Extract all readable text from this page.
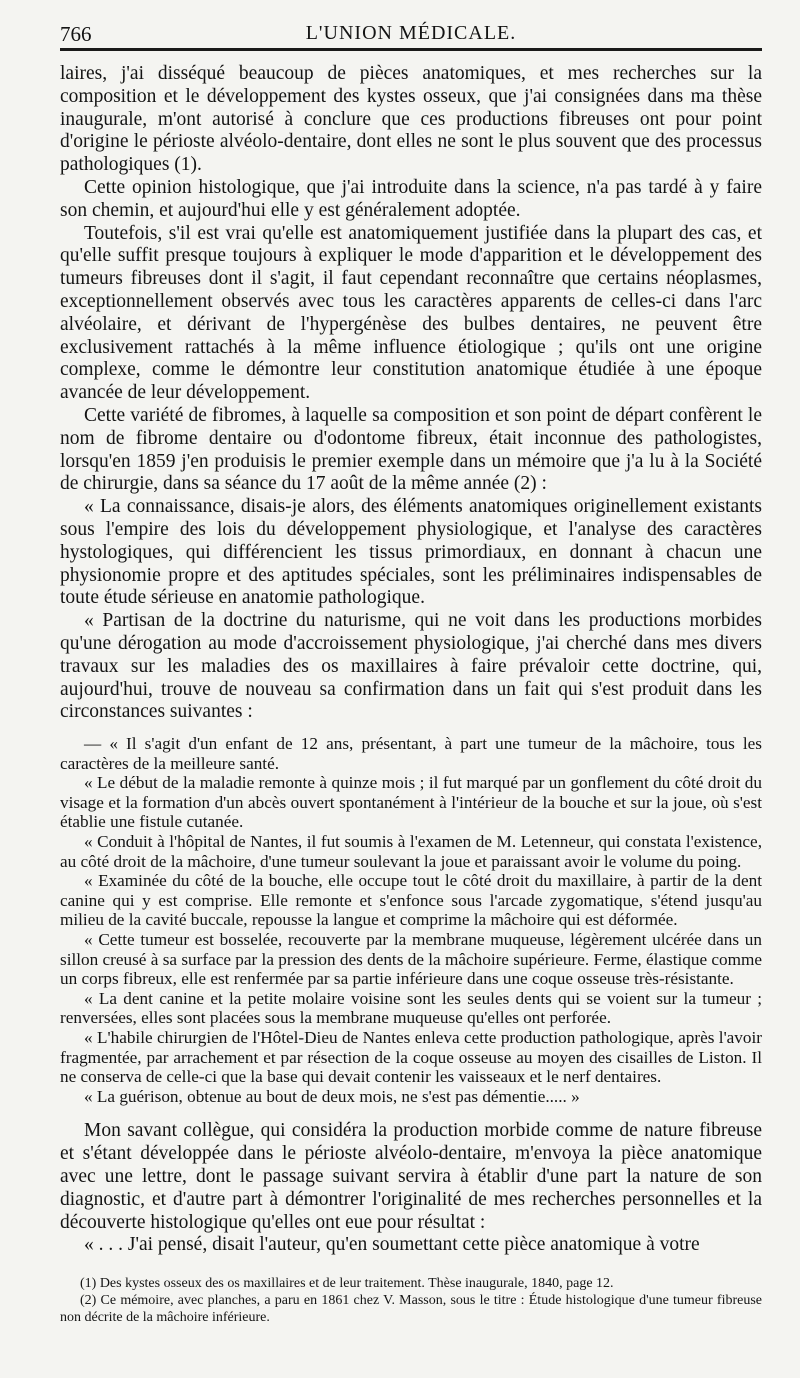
766	L'UNION MÉDICALE.

laires, j'ai disséqué beaucoup de pièces anatomiques, et mes recherches sur la composition et le développement des kystes osseux, que j'ai consignées dans ma thèse inaugurale, m'ont autorisé à conclure que ces productions fibreuses ont pour point d'origine le périoste alvéolo-dentaire, dont elles ne sont le plus souvent que des processus pathologiques (1).

Cette opinion histologique, que j'ai introduite dans la science, n'a pas tardé à y faire son chemin, et aujourd'hui elle y est généralement adoptée.

Toutefois, s'il est vrai qu'elle est anatomiquement justifiée dans la plupart des cas, et qu'elle suffit presque toujours à expliquer le mode d'apparition et le développement des tumeurs fibreuses dont il s'agit, il faut cependant reconnaître que certains néoplasmes, exceptionnellement observés avec tous les caractères apparents de celles-ci dans l'arc alvéolaire, et dérivant de l'hypergénèse des bulbes dentaires, ne peuvent être exclusivement rattachés à la même influence étiologique ; qu'ils ont une origine complexe, comme le démontre leur constitution anatomique étudiée à une époque avancée de leur développement.

Cette variété de fibromes, à laquelle sa composition et son point de départ confèrent le nom de fibrome dentaire ou d'odontome fibreux, était inconnue des pathologistes, lorsqu'en 1859 j'en produisis le premier exemple dans un mémoire que j'a lu à la Société de chirurgie, dans sa séance du 17 août de la même année (2) :

« La connaissance, disais-je alors, des éléments anatomiques originellement existants sous l'empire des lois du développement physiologique, et l'analyse des caractères hystologiques, qui différencient les tissus primordiaux, en donnant à chacun une physionomie propre et des aptitudes spéciales, sont les préliminaires indispensables de toute étude sérieuse en anatomie pathologique.

« Partisan de la doctrine du naturisme, qui ne voit dans les productions morbides qu'une dérogation au mode d'accroissement physiologique, j'ai cherché dans mes divers travaux sur les maladies des os maxillaires à faire prévaloir cette doctrine, qui, aujourd'hui, trouve de nouveau sa confirmation dans un fait qui s'est produit dans les circonstances suivantes :

— « Il s'agit d'un enfant de 12 ans, présentant, à part une tumeur de la mâchoire, tous les caractères de la meilleure santé.

« Le début de la maladie remonte à quinze mois ; il fut marqué par un gonflement du côté droit du visage et la formation d'un abcès ouvert spontanément à l'intérieur de la bouche et sur la joue, où s'est établie une fistule cutanée.

« Conduit à l'hôpital de Nantes, il fut soumis à l'examen de M. Letenneur, qui constata l'existence, au côté droit de la mâchoire, d'une tumeur soulevant la joue et paraissant avoir le volume du poing.

« Examinée du côté de la bouche, elle occupe tout le côté droit du maxillaire, à partir de la dent canine qui y est comprise. Elle remonte et s'enfonce sous l'arcade zygomatique, s'étend jusqu'au milieu de la cavité buccale, repousse la langue et comprime la mâchoire qui est déformée.

« Cette tumeur est bosselée, recouverte par la membrane muqueuse, légèrement ulcérée dans un sillon creusé à sa surface par la pression des dents de la mâchoire supérieure. Ferme, élastique comme un corps fibreux, elle est renfermée par sa partie inférieure dans une coque osseuse très-résistante.

« La dent canine et la petite molaire voisine sont les seules dents qui se voient sur la tumeur ; renversées, elles sont placées sous la membrane muqueuse qu'elles ont perforée.

« L'habile chirurgien de l'Hôtel-Dieu de Nantes enleva cette production pathologique, après l'avoir fragmentée, par arrachement et par résection de la coque osseuse au moyen des cisailles de Liston. Il ne conserva de celle-ci que la base qui devait contenir les vaisseaux et le nerf dentaires.

« La guérison, obtenue au bout de deux mois, ne s'est pas démentie..... »

Mon savant collègue, qui considéra la production morbide comme de nature fibreuse et s'étant développée dans le périoste alvéolo-dentaire, m'envoya la pièce anatomique avec une lettre, dont le passage suivant servira à établir d'une part la nature de son diagnostic, et d'autre part à démontrer l'originalité de mes recherches personnelles et la découverte histologique qu'elles ont eue pour résultat :

« . . . J'ai pensé, disait l'auteur, qu'en soumettant cette pièce anatomique à votre

(1) Des kystes osseux des os maxillaires et de leur traitement. Thèse inaugurale, 1840, page 12.

(2) Ce mémoire, avec planches, a paru en 1861 chez V. Masson, sous le titre : Étude histologique d'une tumeur fibreuse non décrite de la mâchoire inférieure.
